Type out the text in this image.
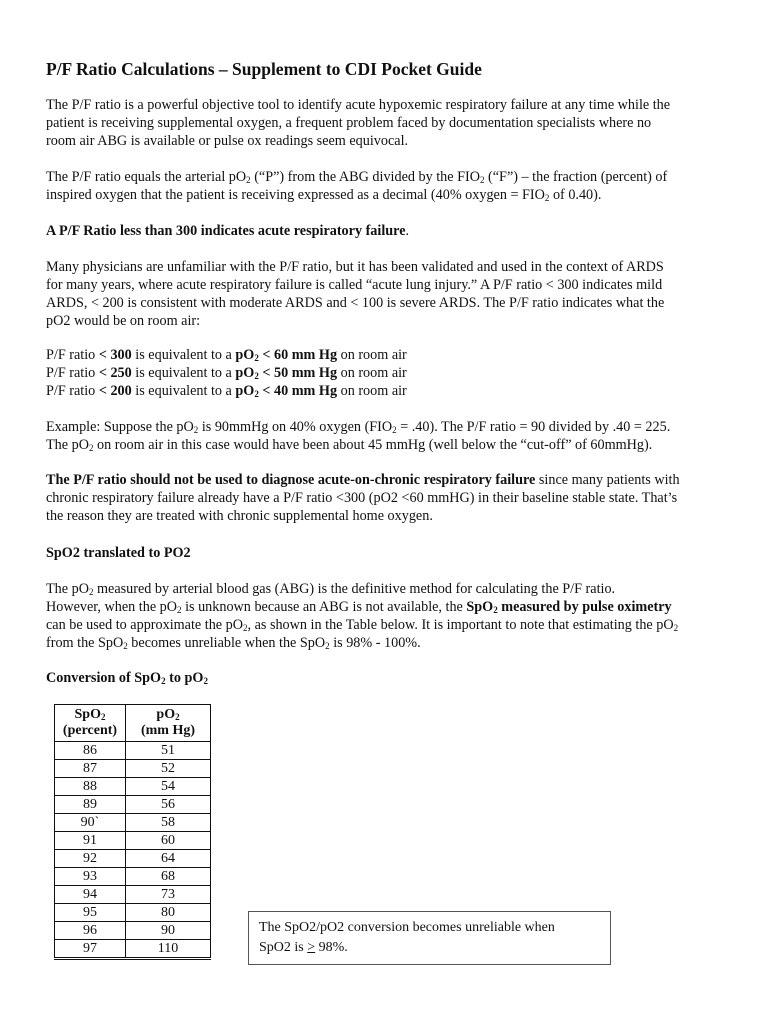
P/F Ratio Calculations – Supplement to CDI Pocket Guide
The P/F ratio is a powerful objective tool to identify acute hypoxemic respiratory failure at any time while the
patient is receiving supplemental oxygen, a frequent problem faced by documentation specialists where no
room air ABG is available or pulse ox readings seem equivocal.
The P/F ratio equals the arterial $pO_2$ (“P”) from the ABG divided by the $FIO_2$ (“F”) – the fraction (percent) of
inspired oxygen that the patient is receiving expressed as a decimal (40% oxygen = $FIO_2$ of 0.40).
A P/F Ratio less than 300 indicates acute respiratory failure.
Many physicians are unfamiliar with the P/F ratio, but it has been validated and used in the context of ARDS
for many years, where acute respiratory failure is called “acute lung injury.” A P/F ratio < 300 indicates mild
ARDS, < 200 is consistent with moderate ARDS and < 100 is severe ARDS. The P/F ratio indicates what the
pO2 would be on room air:
P/F ratio < 300 is equivalent to a $pO_2 < 60$ mm Hg on room air
P/F ratio < 250 is equivalent to a $pO_2 < 50$ mm Hg on room air
P/F ratio < 200 is equivalent to a $pO_2 < 40$ mm Hg on room air
Example: Suppose the $pO_2$ is 90mmHg on 40% oxygen $(FIO_2 = .40)$. The P/F ratio = 90 divided by .40 = 225.
The $pO_2$ on room air in this case would have been about 45 mmHg (well below the “cut-off” of 60mmHg).
The P/F ratio should not be used to diagnose acute-on-chronic respiratory failure since many patients with
chronic respiratory failure already have a P/F ratio <300 (pO2 <60 mmHG) in their baseline stable state. That’s
the reason they are treated with chronic supplemental home oxygen.
SpO2 translated to PO2
The $pO_2$ measured by arterial blood gas (ABG) is the definitive method for calculating the P/F ratio.
However, when the $pO_2$ is unknown because an ABG is not available, the SpO$_2$ measured by pulse oximetry
can be used to approximate the $pO_2$, as shown in the Table below. It is important to note that estimating the $pO_2$
from the SpO$_2$ becomes unreliable when the SpO$_2$ is 98% - 100%.
Conversion of SpO2 to pO2
SpO2
(percent)	pO2
(mm Hg)
86	51
87	52
88	54
89	56
90`	58
91	60
92	64
93	68
94	73
95	80
96	90
97	110
The SpO2/pO2 conversion becomes unreliable when
SpO2 is > 98%.
